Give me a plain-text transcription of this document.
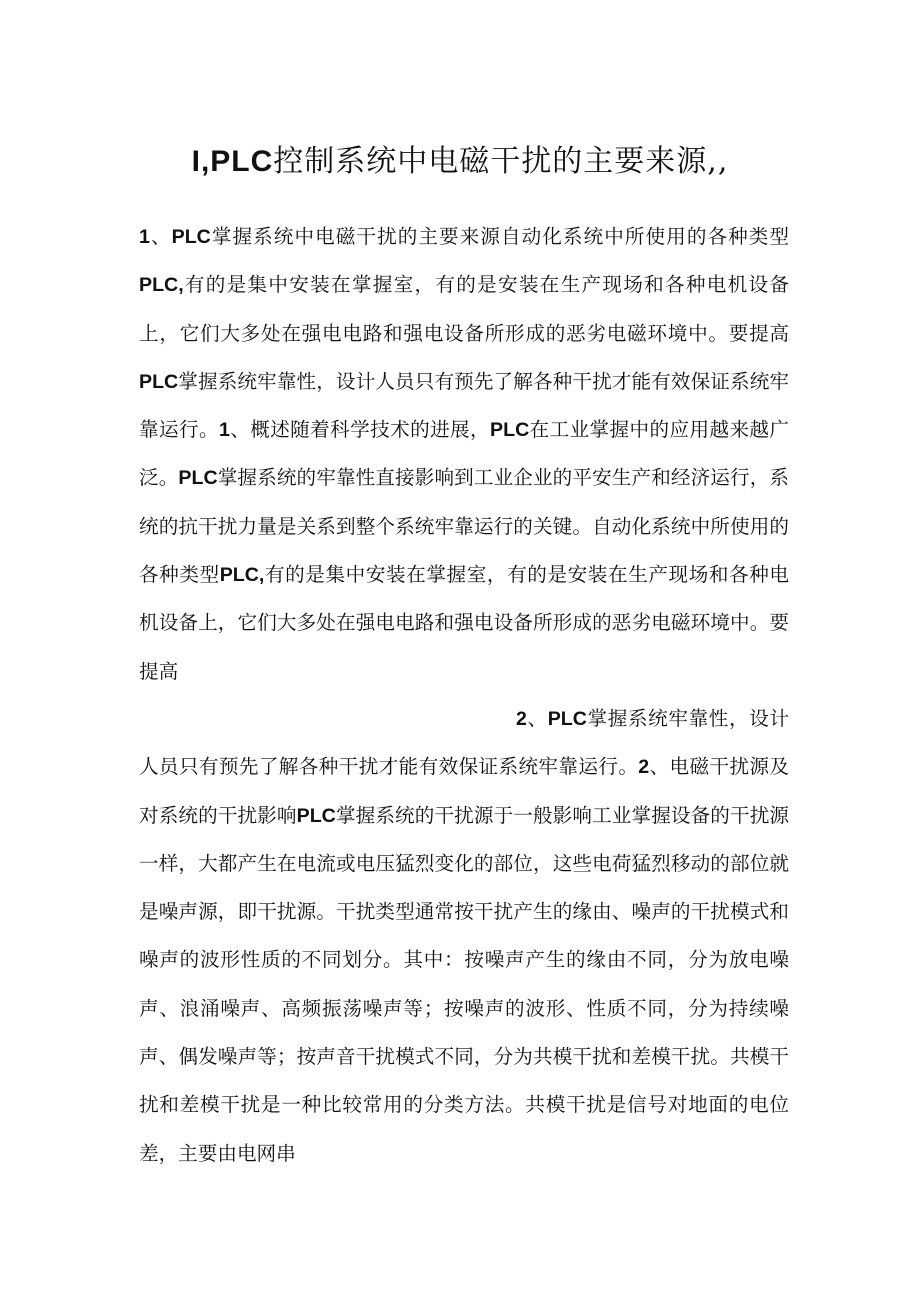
I,PLC控制系统中电磁干扰的主要来源,,

1、PLC掌握系统中电磁干扰的主要来源自动化系统中所使用的各种类型PLC,有的是集中安装在掌握室，有的是安装在生产现场和各种电机设备上，它们大多处在强电电路和强电设备所形成的恶劣电磁环境中。要提高PLC掌握系统牢靠性，设计人员只有预先了解各种干扰才能有效保证系统牢靠运行。1、概述随着科学技术的进展，PLC在工业掌握中的应用越来越广泛。PLC掌握系统的牢靠性直接影响到工业企业的平安生产和经济运行，系统的抗干扰力量是关系到整个系统牢靠运行的关键。自动化系统中所使用的各种类型PLC,有的是集中安装在掌握室，有的是安装在生产现场和各种电机设备上，它们大多处在强电电路和强电设备所形成的恶劣电磁环境中。要提高

2、PLC掌握系统牢靠性，设计人员只有预先了解各种干扰才能有效保证系统牢靠运行。2、电磁干扰源及对系统的干扰影响PLC掌握系统的干扰源于一般影响工业掌握设备的干扰源一样，大都产生在电流或电压猛烈变化的部位，这些电荷猛烈移动的部位就是噪声源，即干扰源。干扰类型通常按干扰产生的缘由、噪声的干扰模式和噪声的波形性质的不同划分。其中：按噪声产生的缘由不同，分为放电噪声、浪涌噪声、高频振荡噪声等；按噪声的波形、性质不同，分为持续噪声、偶发噪声等；按声音干扰模式不同，分为共模干扰和差模干扰。共模干扰和差模干扰是一种比较常用的分类方法。共模干扰是信号对地面的电位差，主要由电网串
